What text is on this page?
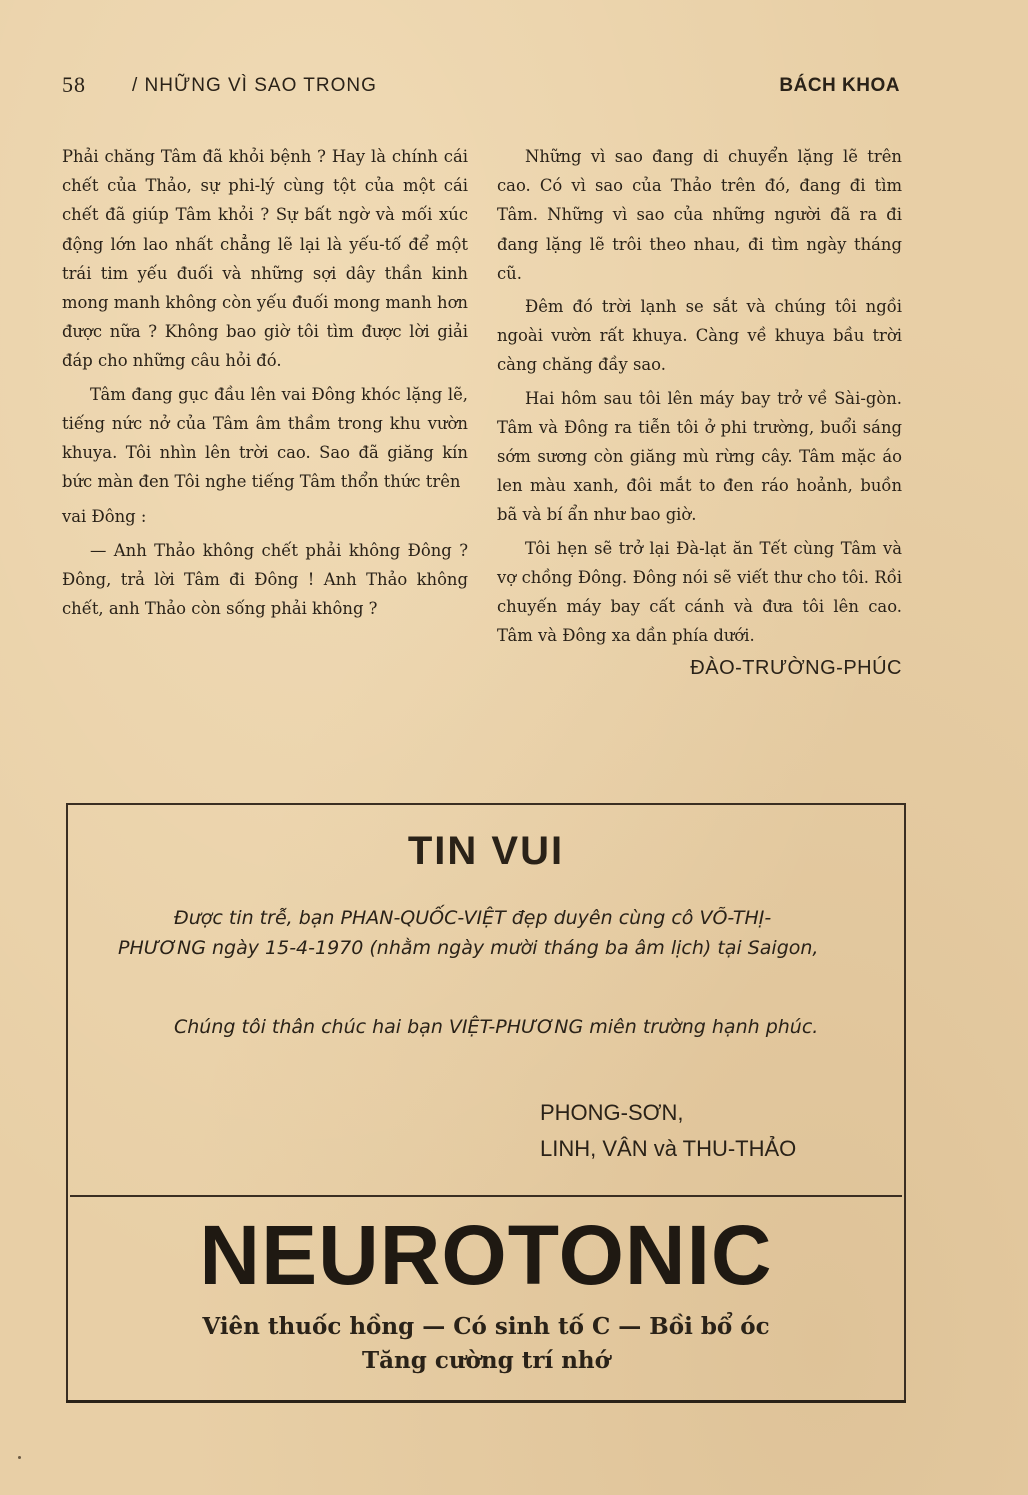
58 / NHỮNG VÌ SAO TRONG	BÁCH KHOA

Phải chăng Tâm đã khỏi bệnh ? Hay là chính cái chết của Thảo, sự phi-lý cùng tột của một cái chết đã giúp Tâm khỏi ? Sự bất ngờ và mối xúc động lớn lao nhất chẳng lẽ lại là yếu-tố để một trái tim yếu đuối và những sợi dây thần kinh mong manh không còn yếu đuối mong manh hơn được nữa ? Không bao giờ tôi tìm được lời giải đáp cho những câu hỏi đó.

Tâm đang gục đầu lên vai Đông khóc lặng lẽ, tiếng nức nở của Tâm âm thầm trong khu vườn khuya. Tôi nhìn lên trời cao. Sao đã giăng kín bức màn đen Tôi nghe tiếng Tâm thổn thức trên

vai Đông :

— Anh Thảo không chết phải không Đông ? Đông, trả lời Tâm đi Đông ! Anh Thảo không chết, anh Thảo còn sống phải không ?

Những vì sao đang di chuyển lặng lẽ trên cao. Có vì sao của Thảo trên đó, đang đi tìm Tâm. Những vì sao của những người đã ra đi đang lặng lẽ trôi theo nhau, đi tìm ngày tháng cũ.

Đêm đó trời lạnh se sắt và chúng tôi ngồi ngoài vườn rất khuya. Càng về khuya bầu trời càng chăng đầy sao.

Hai hôm sau tôi lên máy bay trở về Sài-gòn. Tâm và Đông ra tiễn tôi ở phi trường, buổi sáng sớm sương còn giăng mù rừng cây. Tâm mặc áo len màu xanh, đôi mắt to đen ráo hoảnh, buồn bã và bí ẩn như bao giờ.

Tôi hẹn sẽ trở lại Đà-lạt ăn Tết cùng Tâm và vợ chồng Đông. Đông nói sẽ viết thư cho tôi. Rồi chuyến máy bay cất cánh và đưa tôi lên cao. Tâm và Đông xa dần phía dưới.

ĐÀO-TRƯỜNG-PHÚC

TIN VUI
Được tin trễ, bạn PHAN-QUỐC-VIỆT đẹp duyên cùng cô VÕ-THỊ-PHƯƠNG ngày 15-4-1970 (nhằm ngày mười tháng ba âm lịch) tại Saigon,
Chúng tôi thân chúc hai bạn VIỆT-PHƯƠNG miên trường hạnh phúc.
PHONG-SƠN,
LINH, VÂN và THU-THẢO
NEUROTONIC
Viên thuốc hồng — Có sinh tố C — Bồi bổ óc
Tăng cường trí nhớ
